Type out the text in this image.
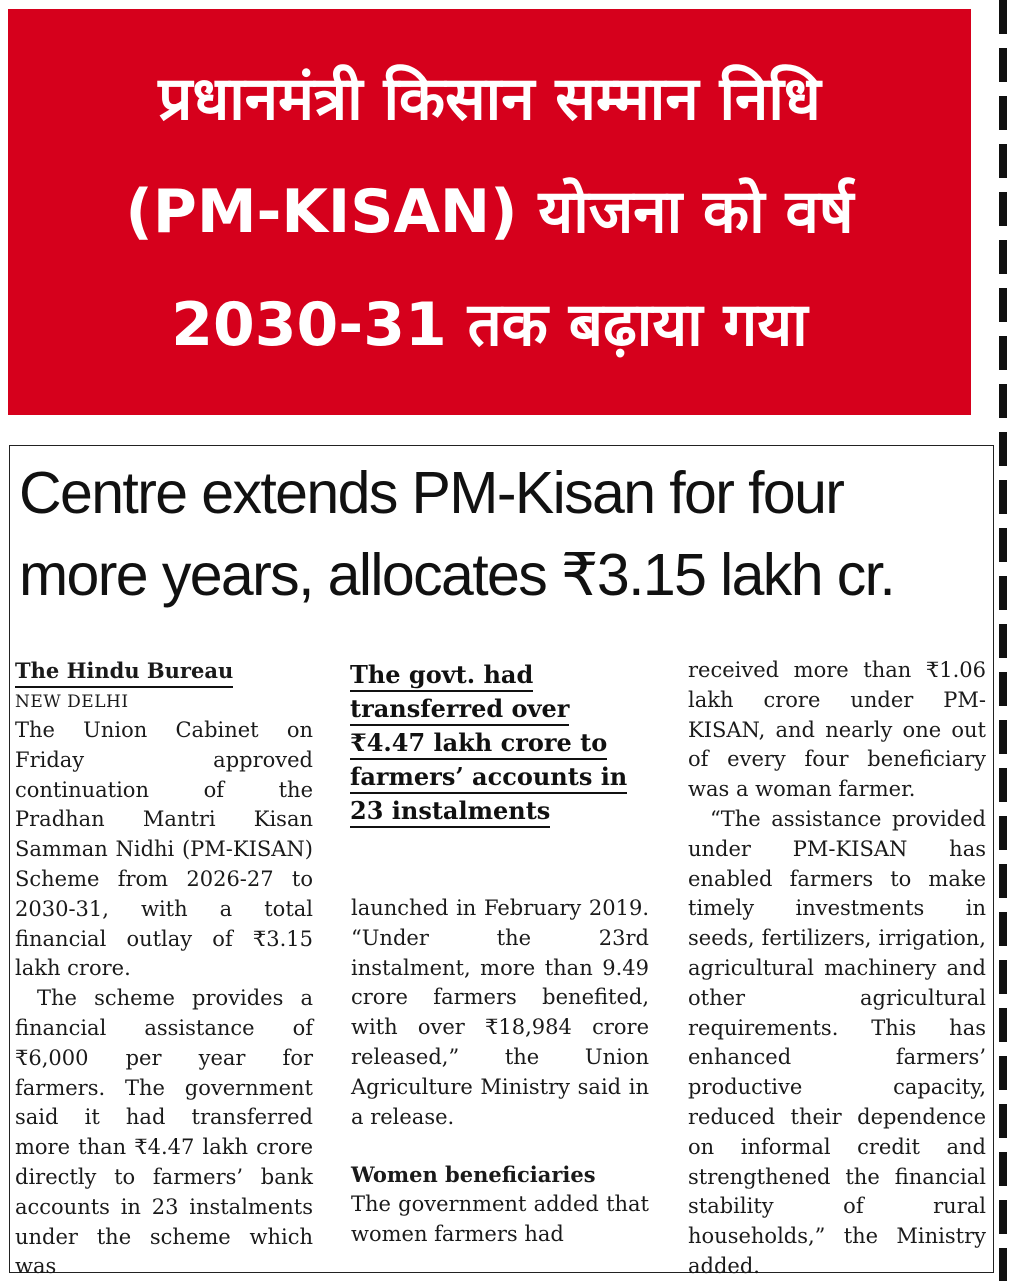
प्रधानमंत्री किसान सम्मान निधि
(PM-KISAN) योजना को वर्ष
2030-31 तक बढ़ाया गया
Centre extends PM-Kisan for four
more years, allocates ₹3.15 lakh cr.

The Hindu Bureau

NEW DELHI

The Union Cabinet on Friday approved continuation of the Pradhan Mantri Kisan Samman Nidhi (PM-KISAN) Scheme from 2026-27 to 2030-31, with a total financial outlay of ₹3.15 lakh crore.

The scheme provides a financial assistance of ₹6,000 per year for farmers. The government said it had transferred more than ₹4.47 lakh crore directly to farmers’ bank accounts in 23 instalments under the scheme which was

The govt. had transferred over ₹4.47 lakh crore to farmers’ accounts in 23 instalments

launched in February 2019. “Under the 23rd instalment, more than 9.49 crore farmers benefited, with over ₹18,984 crore released,” the Union Agriculture Ministry said in a release.

Women beneficiaries

The government added that women farmers had

received more than ₹1.06 lakh crore under PM-KISAN, and nearly one out of every four beneficiary was a woman farmer.

“The assistance provided under PM-KISAN has enabled farmers to make timely investments in seeds, fertilizers, irrigation, agricultural machinery and other agricultural requirements. This has enhanced farmers’ productive capacity, reduced their dependence on informal credit and strengthened the financial stability of rural households,” the Ministry added.
